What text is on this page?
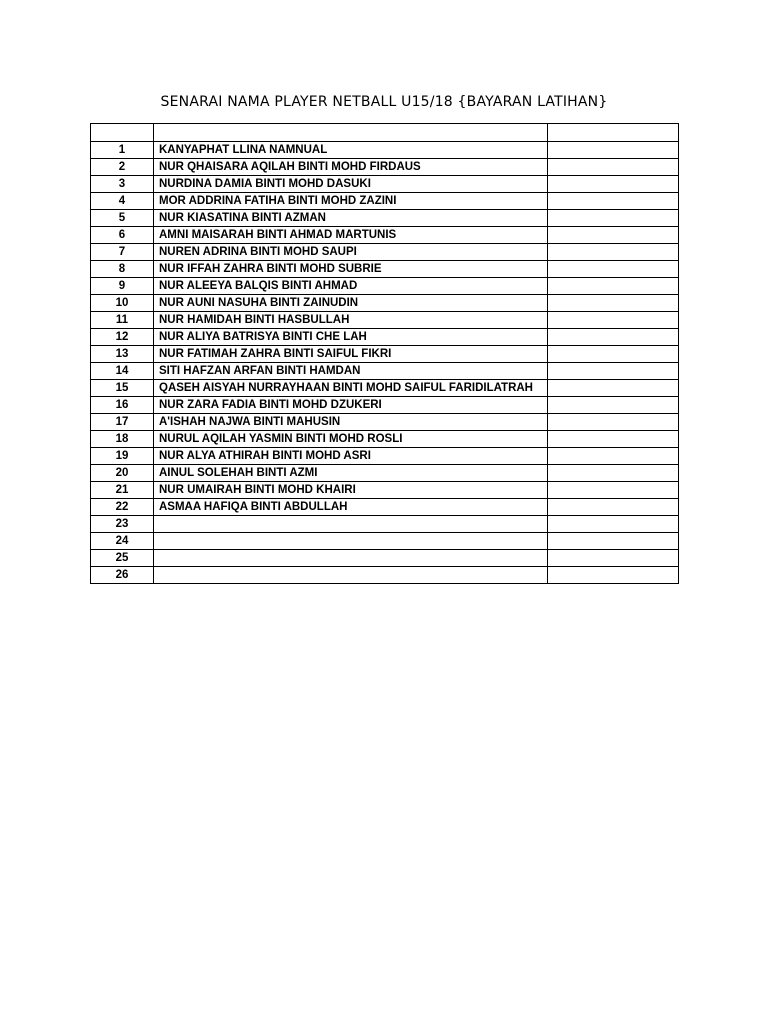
SENARAI NAMA PLAYER NETBALL U15/18 {BAYARAN LATIHAN}

1	KANYAPHAT LLINA NAMNUAL	
2	NUR QHAISARA AQILAH BINTI MOHD FIRDAUS	
3	NURDINA DAMIA BINTI MOHD DASUKI	
4	MOR ADDRINA FATIHA BINTI MOHD ZAZINI	
5	NUR KIASATINA BINTI AZMAN	
6	AMNI MAISARAH BINTI AHMAD MARTUNIS	
7	NUREN ADRINA BINTI MOHD SAUPI	
8	NUR IFFAH ZAHRA BINTI MOHD SUBRIE	
9	NUR ALEEYA BALQIS BINTI AHMAD	
10	NUR AUNI NASUHA BINTI ZAINUDIN	
11	NUR HAMIDAH BINTI HASBULLAH	
12	NUR ALIYA BATRISYA BINTI CHE LAH	
13	NUR FATIMAH ZAHRA BINTI SAIFUL FIKRI	
14	SITI HAFZAN ARFAN BINTI HAMDAN	
15	QASEH AISYAH NURRAYHAAN BINTI MOHD SAIFUL FARIDILATRAH	
16	NUR ZARA FADIA BINTI MOHD DZUKERI	
17	A'ISHAH NAJWA BINTI MAHUSIN	
18	NURUL AQILAH YASMIN BINTI MOHD ROSLI	
19	NUR ALYA ATHIRAH BINTI MOHD ASRI	
20	AINUL SOLEHAH BINTI AZMI	
21	NUR UMAIRAH BINTI MOHD KHAIRI	
22	ASMAA HAFIQA BINTI ABDULLAH	
23		
24		
25		
26		
